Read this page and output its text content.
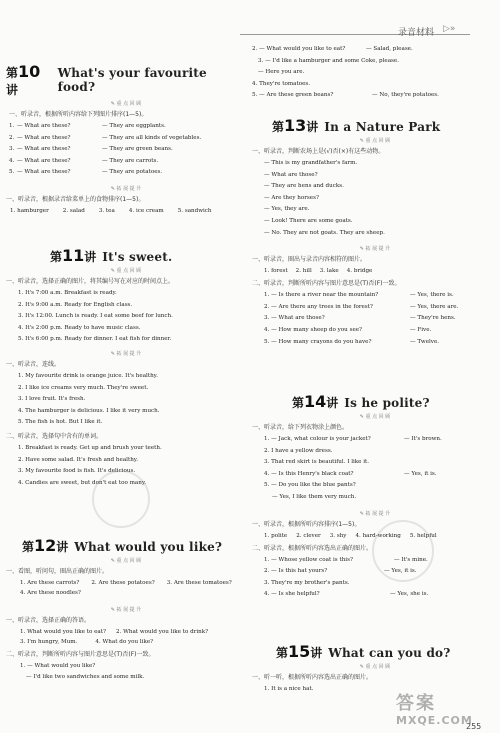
录音材料 ▷»
第10讲
What's your favourite food?
✎ 重 点 回 顾
一、听录音，根据所听内容给下列图片排序(1—5)。
1. — What are these?	— They are eggplants.
2. — What are these?	— They are all kinds of vegetables.
3. — What are these?	— They are green beans.
4. — What are these?	— They are carrots.
5. — What are these?	— They are potatoes.
✎ 拓 展 提 升
一、听录音，根据录音给菜单上的食物排序(1—5)。
1. hamburger	2. salad	3. tea	4. ice cream	5. sandwich
第11讲 It's sweet.
✎ 重 点 回 顾
一、听录音，选择正确的图片，将其编号写在对应的时间点上。
1. It's 7:00 a.m. Breakfast is ready.
2. It's 9:00 a.m. Ready for English class.
3. It's 12:00. Lunch is ready. I eat some beef for lunch.
4. It's 2:00 p.m. Ready to have music class.
5. It's 6:00 p.m. Ready for dinner. I eat fish for dinner.
✎ 拓 展 提 升
一、听录音，连线。
1. My favourite drink is orange juice. It's healthy.
2. I like ice creams very much. They're sweet.
3. I love fruit. It's fresh.
4. The hamburger is delicious. I like it very much.
5. The fish is hot. But I like it.
二、听录音，选择句中含有的单词。
1. Breakfast is ready. Get up and brush your teeth.
2. Have some salad. It's fresh and healthy.
3. My favourite food is fish. It's delicious.
4. Candies are sweet, but don't eat too many.
第12讲 What would you like?
✎ 重 点 回 顾
一、看图，听问句，圈出正确的图片。
1. Are these carrots? 2. Are these potatoes? 3. Are these tomatoes?
4. Are these noodles?
✎ 拓 展 提 升
一、听录音，选择正确的答语。
1. What would you like to eat? 2. What would you like to drink?
3. I'm hungry, Mum.	4. What do you like?
二、听录音，判断所听内容与图片意思是(T)否(F)一致。
1. — What would you like?
— I'd like two sandwiches and some milk.
2. — What would you like to eat?	— Salad, please.
3. — I'd like a hamburger and some Coke, please.
— Here you are.
4. They're tomatoes.
5. — Are these green beans?	— No, they're potatoes.
第13讲 In a Nature Park
✎ 重 点 回 顾
一、听录音，判断农场上是(√)否(×)有这些动物。
— This is my grandfather's farm.
— What are those?
— They are hens and ducks.
— Are they horses?
— Yes, they are.
— Look! There are some goats.
— No. They are not goats. They are sheep.
✎ 拓 展 提 升
一、听录音，圈出与录音内容相符的图片。
1. forest 2. hill 3. lake 4. bridge
二、听录音，判断所听内容与图片意思是(T)否(F)一致。
1. — Is there a river near the mountain?	— Yes, there is.
2. — Are there any trees in the forest?	— Yes, there are.
3. — What are those?	— They're hens.
4. — How many sheep do you see?	— Five.
5. — How many crayons do you have?	— Twelve.
第14讲 Is he polite?
✎ 重 点 回 顾
一、听录音，给下列衣物涂上颜色。
1. — Jack, what colour is your jacket?	— It's brown.
2. I have a yellow dress.
3. That red skirt is beautiful. I like it.
4. — Is this Henry's black coat?	— Yes, it is.
5. — Do you like the blue pants?
— Yes, I like them very much.
✎ 拓 展 提 升
一、听录音，根据所听内容排序(1—5)。
1. polite 2. clever 3. shy 4. hard-working 5. helpful
二、听录音，根据所听内容选出正确的图片。
1. — Whose yellow coat is this?	— It's mine.
2. — Is this hat yours?	— Yes, it is.
3. They're my brother's pants.
4. — Is she helpful?	— Yes, she is.
第15讲 What can you do?
✎ 重 点 回 顾
一、听一听，根据所听内容选出正确的图片。
1. It is a nice hat.
答案
MXQE.COM
255
